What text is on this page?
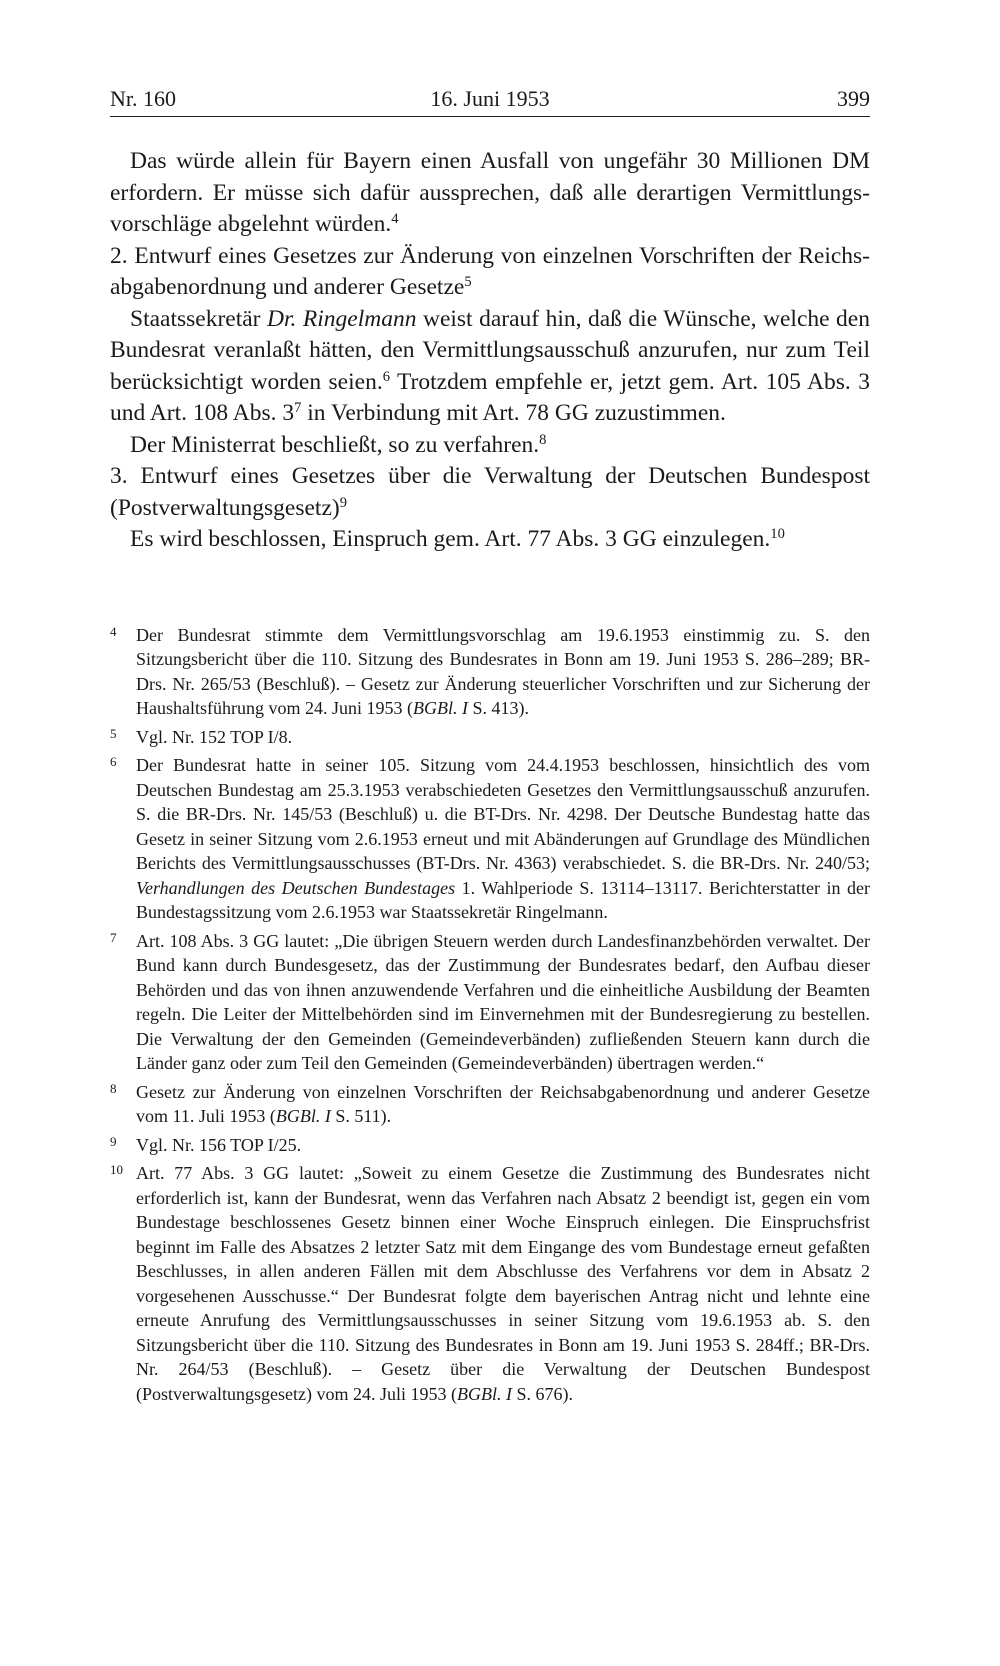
Nr. 160	16. Juni 1953	399

Das würde allein für Bayern einen Ausfall von ungefähr 30 Millionen DM erfordern. Er müsse sich dafür aussprechen, daß alle derartigen Vermittlungsvorschläge abgelehnt würden.$^4$

2. Entwurf eines Gesetzes zur Änderung von einzelnen Vorschriften der Reichsabgabenordnung und anderer Gesetze$^5$

Staatssekretär Dr. Ringelmann weist darauf hin, daß die Wünsche, welche den Bundesrat veranlaßt hätten, den Vermittlungsausschuß anzurufen, nur zum Teil berücksichtigt worden seien.$^6$ Trotzdem empfehle er, jetzt gem. Art. 105 Abs. 3 und Art. 108 Abs. $3^7$ in Verbindung mit Art. 78 GG zuzustimmen.

Der Ministerrat beschließt, so zu verfahren.$^8$

3. Entwurf eines Gesetzes über die Verwaltung der Deutschen Bundespost (Postverwaltungsgesetz)$^9$

Es wird beschlossen, Einspruch gem. Art. 77 Abs. 3 GG einzulegen.$^{10}$

4 Der Bundesrat stimmte dem Vermittlungsvorschlag am 19.6.1953 einstimmig zu. S. den Sitzungsbericht über die 110. Sitzung des Bundesrates in Bonn am 19. Juni 1953 S. 286–289; BR-Drs. Nr. 265/53 (Beschluß). – Gesetz zur Änderung steuerlicher Vorschriften und zur Sicherung der Haushaltsführung vom 24. Juni 1953 (BGBl. I S. 413).
5 Vgl. Nr. 152 TOP I/8.
6 Der Bundesrat hatte in seiner 105. Sitzung vom 24.4.1953 beschlossen, hinsichtlich des vom Deutschen Bundestag am 25.3.1953 verabschiedeten Gesetzes den Vermittlungsausschuß anzurufen. S. die BR-Drs. Nr. 145/53 (Beschluß) u. die BT-Drs. Nr. 4298. Der Deutsche Bundestag hatte das Gesetz in seiner Sitzung vom 2.6.1953 erneut und mit Abänderungen auf Grundlage des Mündlichen Berichts des Vermittlungsausschusses (BT-Drs. Nr. 4363) verabschiedet. S. die BR-Drs. Nr. 240/53; Verhandlungen des Deutschen Bundestages 1. Wahlperiode S. 13114–13117. Berichterstatter in der Bundestagssitzung vom 2.6.1953 war Staatssekretär Ringelmann.
7 Art. 108 Abs. 3 GG lautet: „Die übrigen Steuern werden durch Landesfinanzbehörden verwaltet. Der Bund kann durch Bundesgesetz, das der Zustimmung der Bundesrates bedarf, den Aufbau dieser Behörden und das von ihnen anzuwendende Verfahren und die einheitliche Ausbildung der Beamten regeln. Die Leiter der Mittelbehörden sind im Einvernehmen mit der Bundesregierung zu bestellen. Die Verwaltung der den Gemeinden (Gemeindeverbänden) zufließenden Steuern kann durch die Länder ganz oder zum Teil den Gemeinden (Gemeindeverbänden) übertragen werden.“
8 Gesetz zur Änderung von einzelnen Vorschriften der Reichsabgabenordnung und anderer Gesetze vom 11. Juli 1953 (BGBl. I S. 511).
9 Vgl. Nr. 156 TOP I/25.
10 Art. 77 Abs. 3 GG lautet: „Soweit zu einem Gesetze die Zustimmung des Bundesrates nicht erforderlich ist, kann der Bundesrat, wenn das Verfahren nach Absatz 2 beendigt ist, gegen ein vom Bundestage beschlossenes Gesetz binnen einer Woche Einspruch einlegen. Die Einspruchsfrist beginnt im Falle des Absatzes 2 letzter Satz mit dem Eingange des vom Bundestage erneut gefaßten Beschlusses, in allen anderen Fällen mit dem Abschlusse des Verfahrens vor dem in Absatz 2 vorgesehenen Ausschusse.“ Der Bundesrat folgte dem bayerischen Antrag nicht und lehnte eine erneute Anrufung des Vermittlungsausschusses in seiner Sitzung vom 19.6.1953 ab. S. den Sitzungsbericht über die 110. Sitzung des Bundesrates in Bonn am 19. Juni 1953 S. 284ff.; BR-Drs. Nr. 264/53 (Beschluß). – Gesetz über die Verwaltung der Deutschen Bundespost (Postverwaltungsgesetz) vom 24. Juli 1953 (BGBl. I S. 676).
